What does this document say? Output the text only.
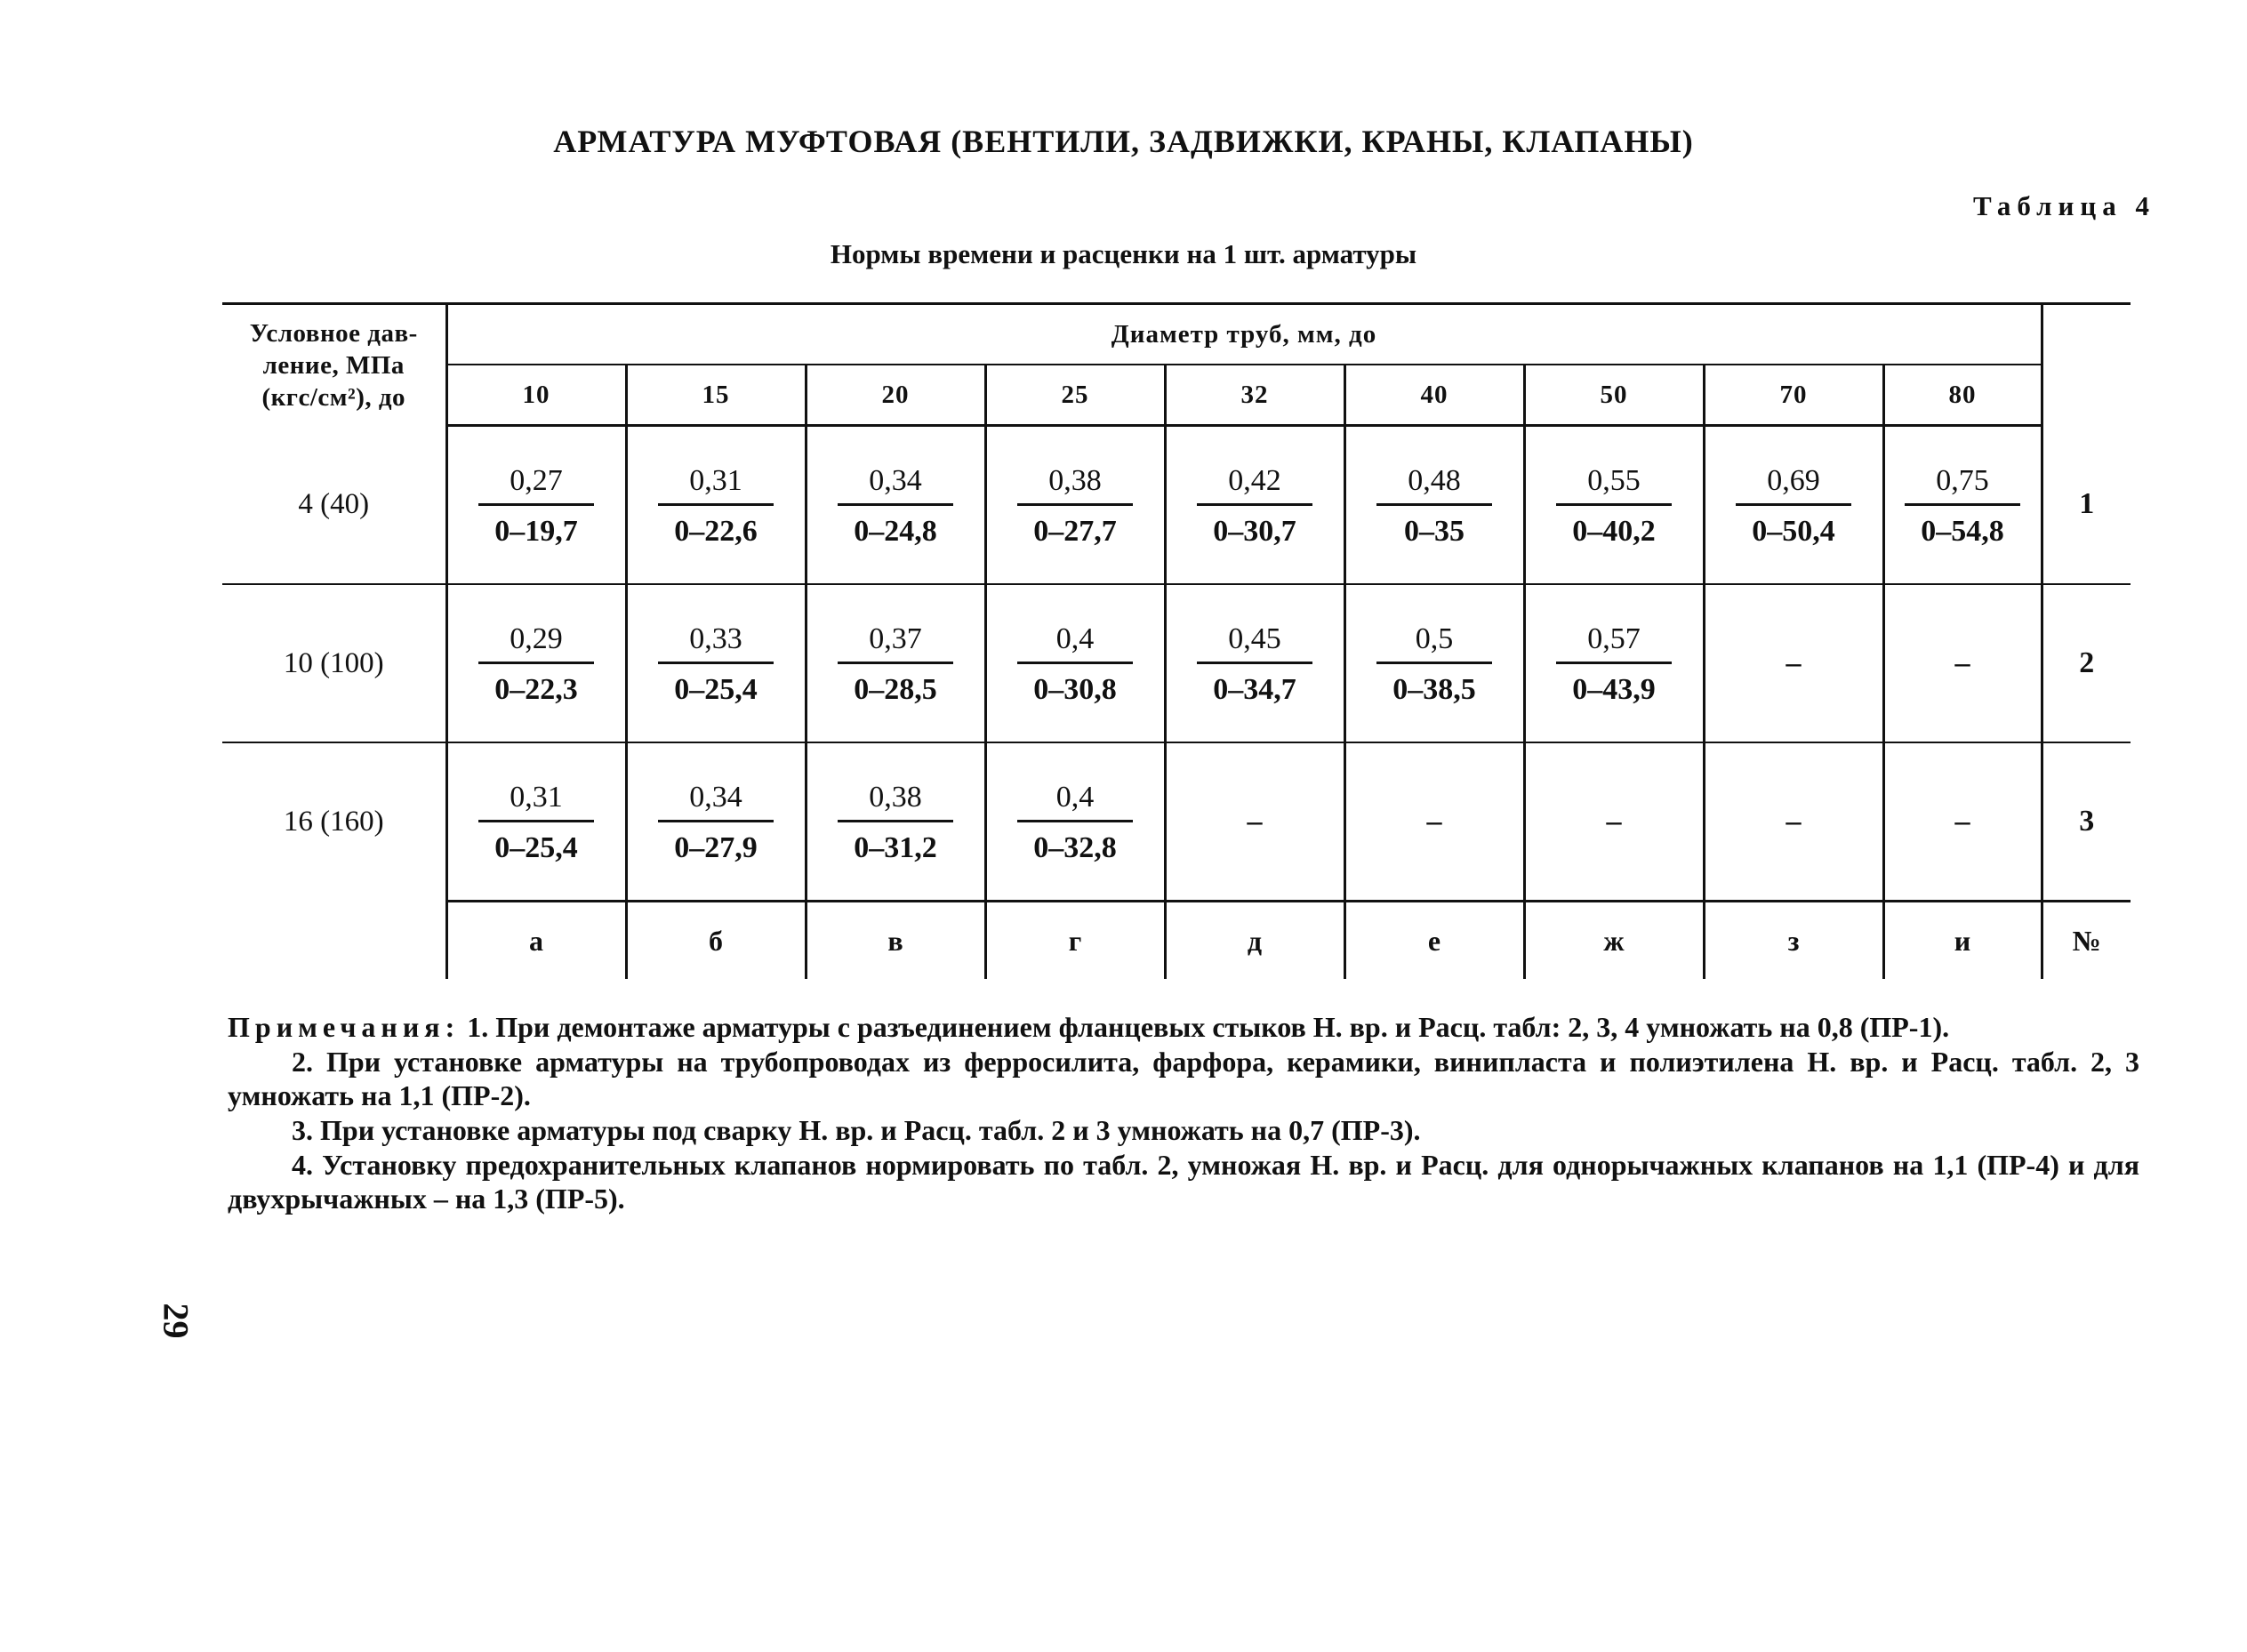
АРМАТУРА МУФТОВАЯ (ВЕНТИЛИ, ЗАДВИЖКИ, КРАНЫ, КЛАПАНЫ)
Таблица 4
Нормы времени и расценки на 1 шт. арматуры
Условное дав-
ление, МПа
(кгс/см²), до	Диаметр труб, мм, до									
	10	15	20	25	32	40	50	70	80	
4 (40)	$\frac{0,27}{0-19,7}$	$\frac{0,31}{0-22,6}$	$\frac{0,34}{0-24,8}$	$\frac{0,38}{0-27,7}$	$\frac{0,42}{0-30,7}$	$\frac{0,48}{0-35}$	$\frac{0,55}{0-40,2}$	$\frac{0,69}{0-50,4}$	$\frac{0,75}{0-54,8}$	1
10 (100)	$\frac{0,29}{0-22,3}$	$\frac{0,33}{0-25,4}$	$\frac{0,37}{0-28,5}$	$\frac{0,4}{0-30,8}$	$\frac{0,45}{0-34,7}$	$\frac{0,5}{0-38,5}$	$\frac{0,57}{0-43,9}$	–	–	2
16 (160)	$\frac{0,31}{0-25,4}$	$\frac{0,34}{0-27,9}$	$\frac{0,38}{0-31,2}$	$\frac{0,4}{0-32,8}$	–	–	–	–	–	3
	а	б	в	г	д	е	ж	з	и	№

Примечания: 1. При демонтаже арматуры с разъединением фланцевых стыков Н. вр. и Расц. табл: 2, 3, 4 умножать на 0,8 (ПР-1).

2. При установке арматуры на трубопроводах из ферросилита, фарфора, керамики, винипласта и полиэтилена Н. вр. и Расц. табл. 2, 3 умножать на 1,1 (ПР-2).

3. При установке арматуры под сварку Н. вр. и Расц. табл. 2 и 3 умножать на 0,7 (ПР-3).

4. Установку предохранительных клапанов нормировать по табл. 2, умножая Н. вр. и Расц. для однорычажных клапанов на 1,1 (ПР-4) и для двухрычажных – на 1,3 (ПР-5).

29
